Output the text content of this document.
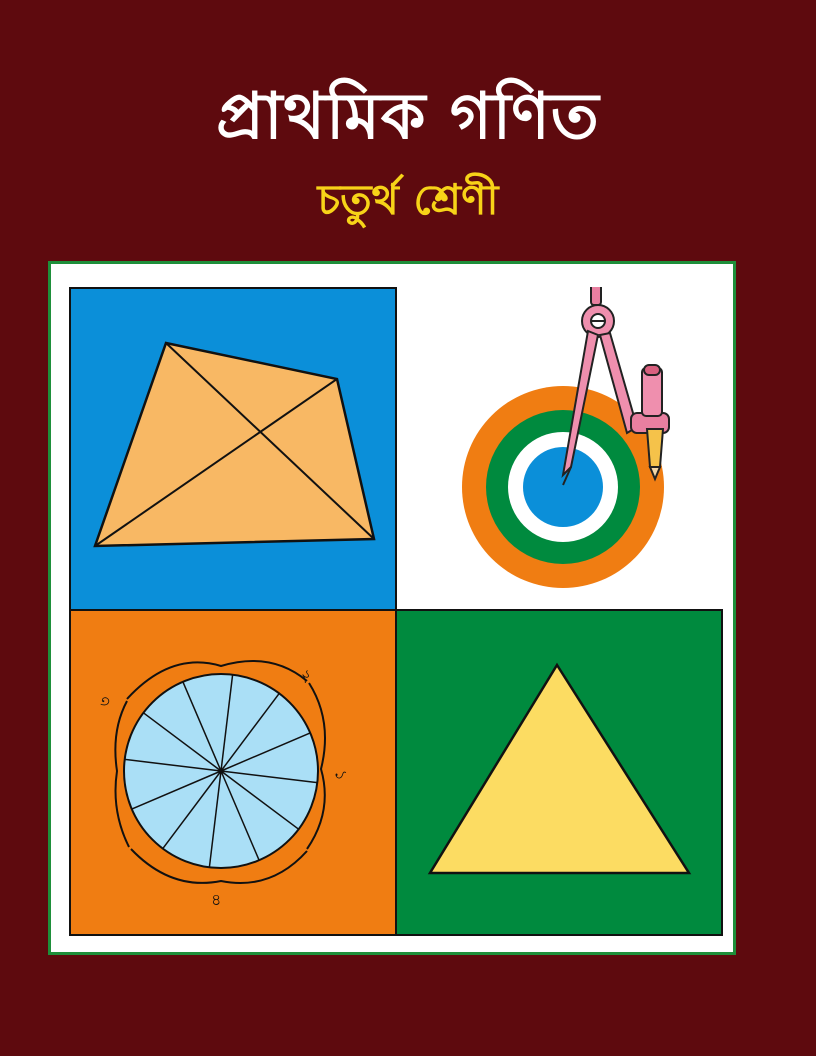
প্রাথমিক গণিত
চতুর্থ শ্রেণী
২
৩
১
৪
